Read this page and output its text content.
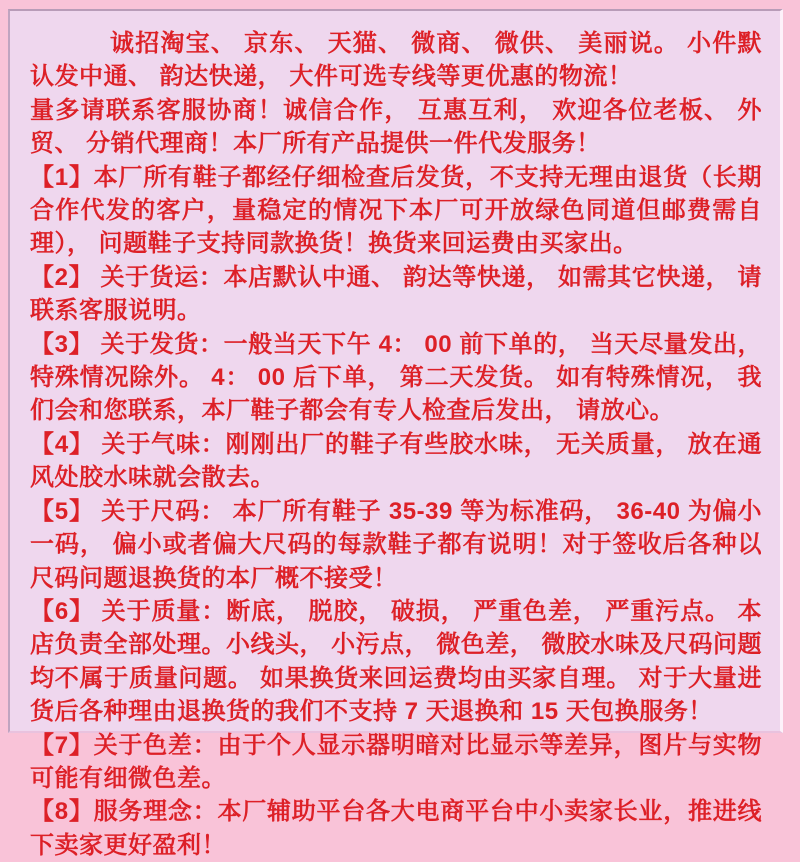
诚招淘宝、 京东、 天猫、 微商、 微供、 美丽说。 小件默认发中通、 韵达快递， 大件可选专线等更优惠的物流！

量多请联系客服协商！诚信合作， 互惠互利， 欢迎各位老板、 外贸、 分销代理商！本厂所有产品提供一件代发服务！

【1】本厂所有鞋子都经仔细检查后发货，不支持无理由退货（长期合作代发的客户，量稳定的情况下本厂可开放绿色同道但邮费需自理）， 问题鞋子支持同款换货！换货来回运费由买家出。

【2】 关于货运：本店默认中通、 韵达等快递， 如需其它快递， 请联系客服说明。

【3】 关于发货：一般当天下午 4： 00 前下单的， 当天尽量发出， 特殊情况除外。 4： 00 后下单， 第二天发货。 如有特殊情况， 我们会和您联系，本厂鞋子都会有专人检查后发出， 请放心。

【4】 关于气味：刚刚出厂的鞋子有些胶水味， 无关质量， 放在通风处胶水味就会散去。

【5】 关于尺码： 本厂所有鞋子 35-39 等为标准码， 36-40 为偏小一码， 偏小或者偏大尺码的每款鞋子都有说明！对于签收后各种以尺码问题退换货的本厂概不接受！

【6】 关于质量：断底， 脱胶， 破损， 严重色差， 严重污点。 本店负责全部处理。小线头， 小污点， 微色差， 微胶水味及尺码问题均不属于质量问题。 如果换货来回运费均由买家自理。 对于大量进货后各种理由退换货的我们不支持 7 天退换和 15 天包换服务！

【7】关于色差：由于个人显示器明暗对比显示等差异，图片与实物可能有细微色差。

【8】服务理念：本厂辅助平台各大电商平台中小卖家长业，推进线下卖家更好盈利！
